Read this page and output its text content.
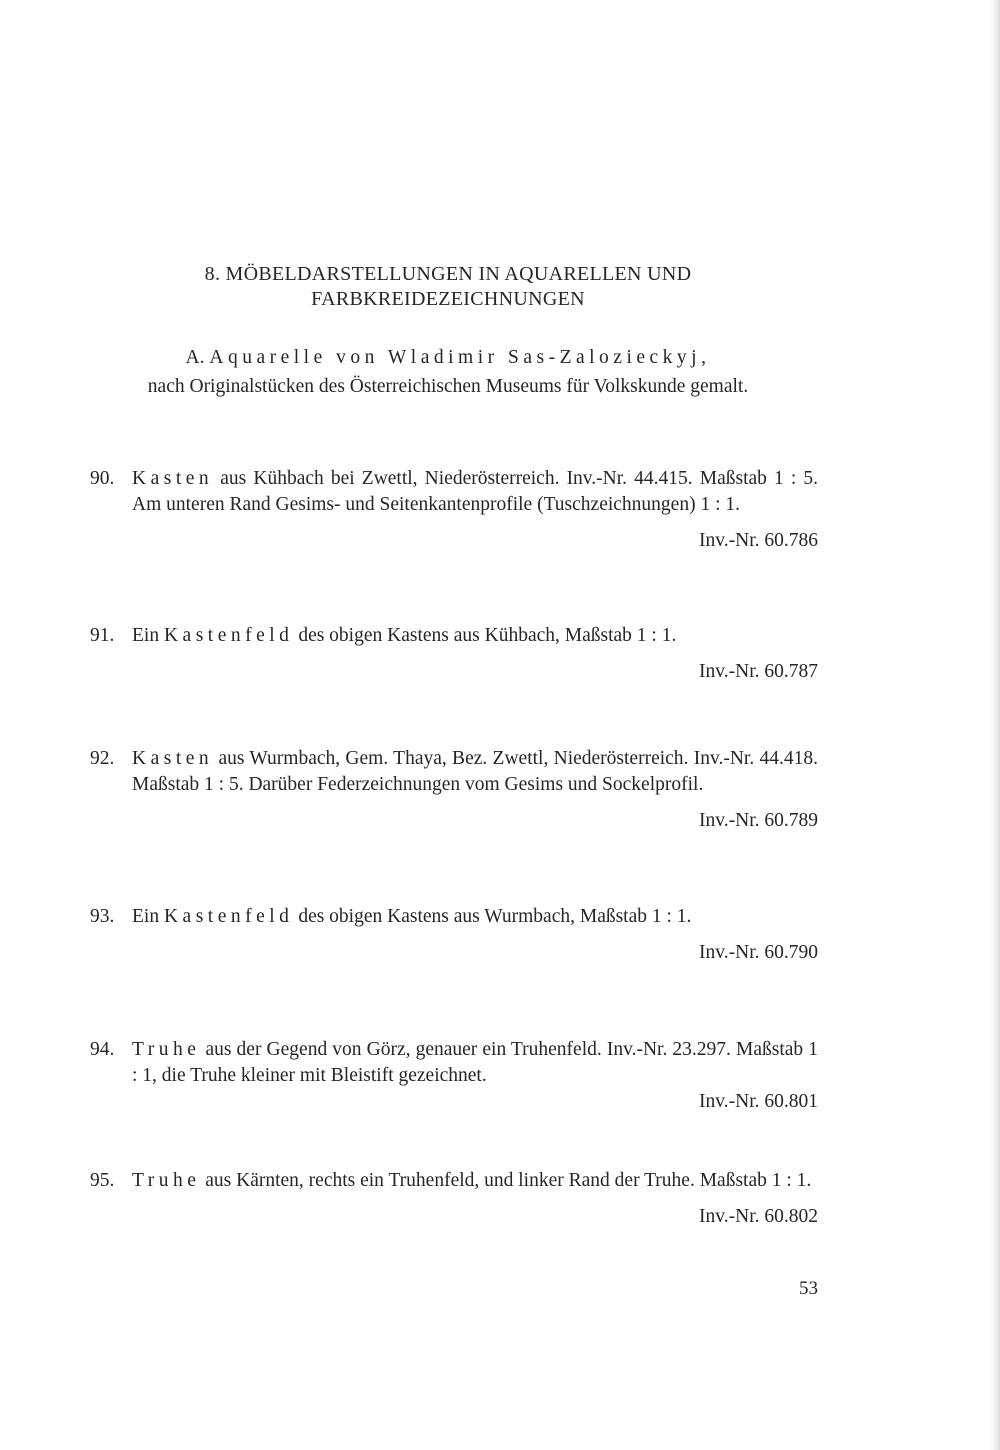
8. MÖBELDARSTELLUNGEN IN AQUARELLEN UND
FARBKREIDEZEICHNUNGEN
A. Aquarelle von Wladimir Sas-Zalozieckyj,
nach Originalstücken des Österreichischen Museums für Volkskunde gemalt.
90. Kasten aus Kühbach bei Zwettl, Niederösterreich. Inv.-Nr. 44.415. Maßstab 1 : 5. Am unteren Rand Gesims- und Seitenkantenprofile (Tuschzeichnungen) 1 : 1.
Inv.-Nr. 60.786
91. Ein Kastenfeld des obigen Kastens aus Kühbach, Maßstab 1 : 1.
Inv.-Nr. 60.787
92. Kasten aus Wurmbach, Gem. Thaya, Bez. Zwettl, Niederösterreich. Inv.-Nr. 44.418. Maßstab 1 : 5. Darüber Federzeichnungen vom Gesims und Sockelprofil.
Inv.-Nr. 60.789
93. Ein Kastenfeld des obigen Kastens aus Wurmbach, Maßstab 1 : 1.
Inv.-Nr. 60.790
94. Truhe aus der Gegend von Görz, genauer ein Truhenfeld. Inv.-Nr. 23.297. Maßstab 1 : 1, die Truhe kleiner mit Bleistift gezeichnet.
Inv.-Nr. 60.801
95. Truhe aus Kärnten, rechts ein Truhenfeld, und linker Rand der Truhe. Maßstab 1 : 1.
Inv.-Nr. 60.802
53
